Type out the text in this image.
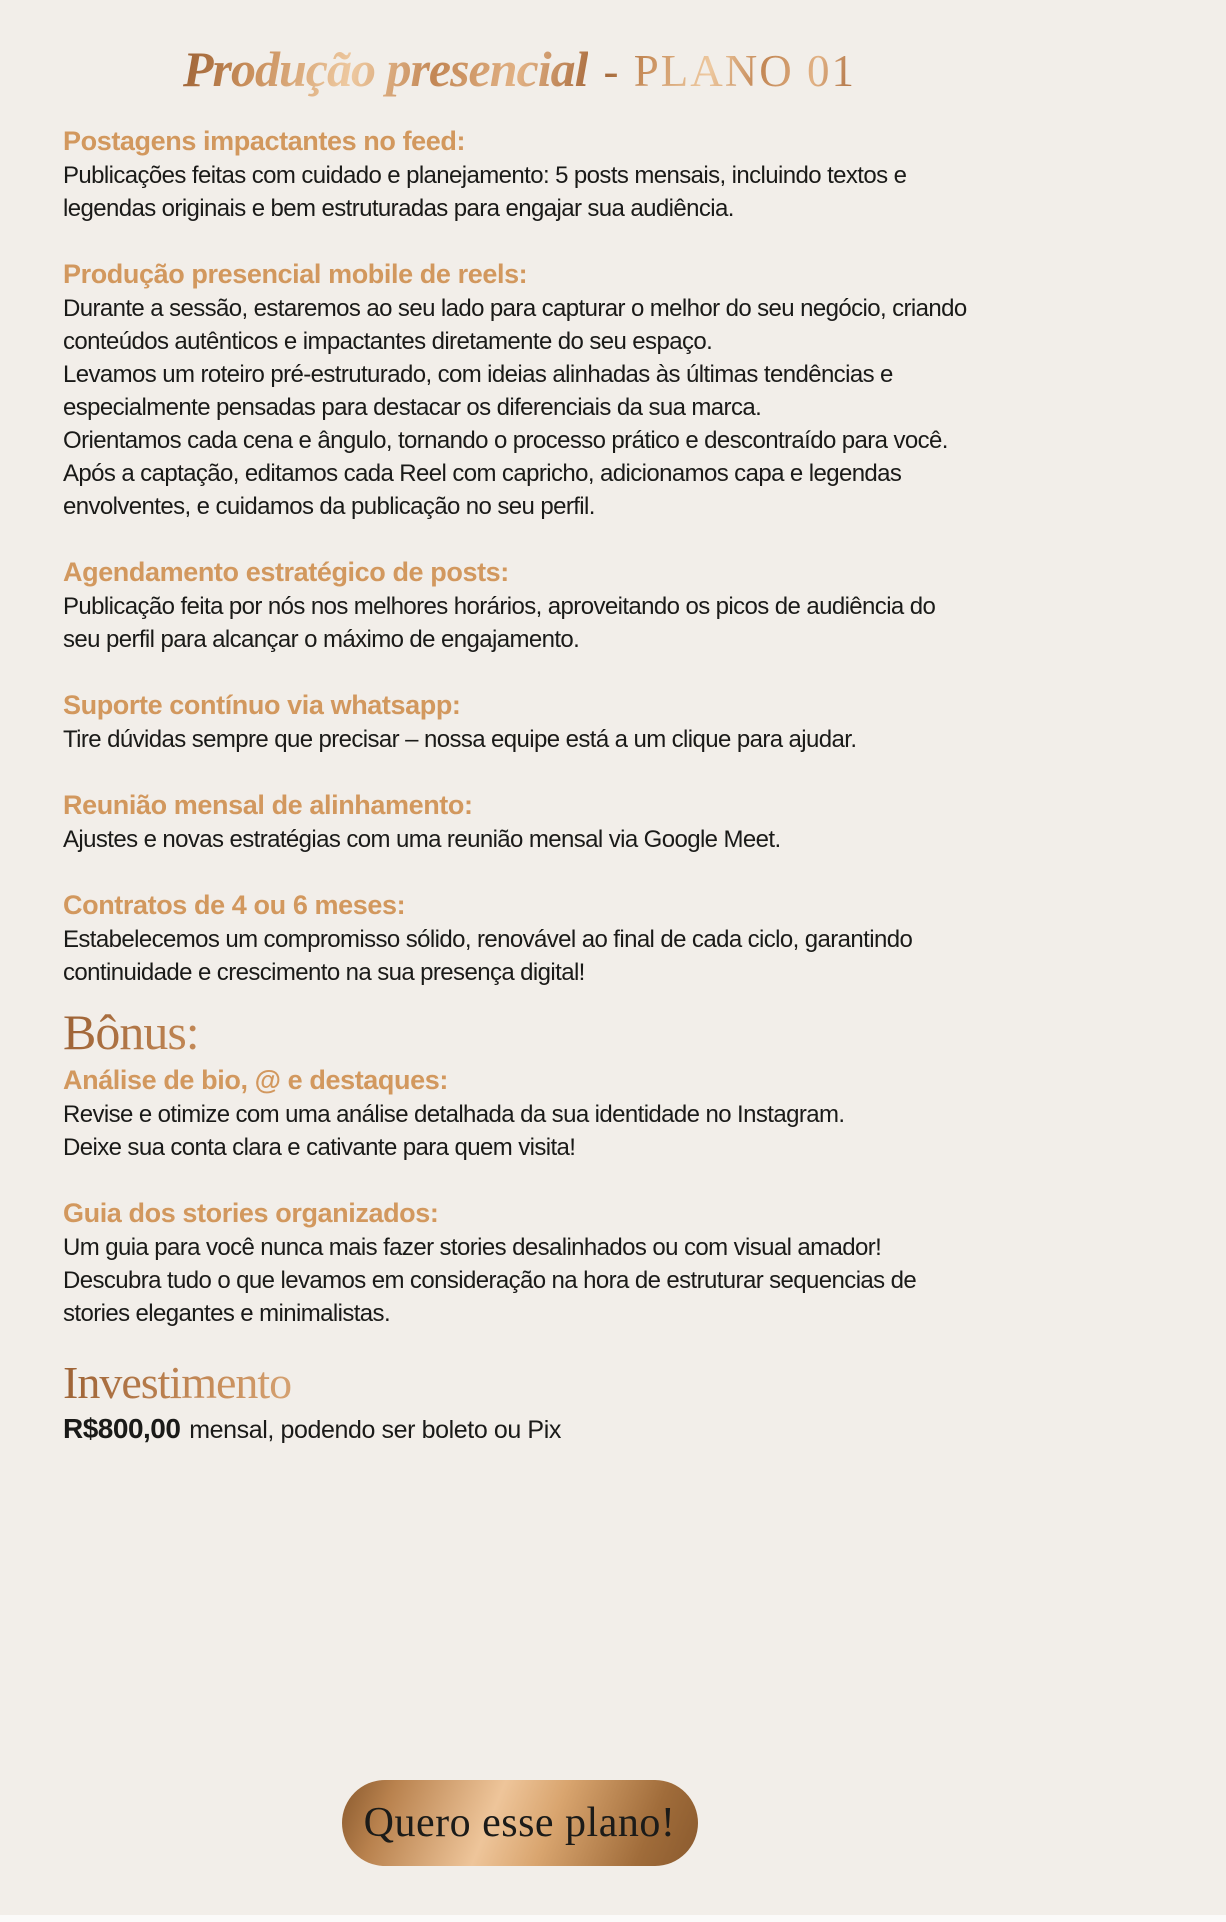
Produção presencial - PLANO 01
Postagens impactantes no feed:

Publicações feitas com cuidado e planejamento: 5 posts mensais, incluindo textos e legendas originais e bem estruturadas para engajar sua audiência.

Produção presencial mobile de reels:

Durante a sessão, estaremos ao seu lado para capturar o melhor do seu negócio, criando conteúdos autênticos e impactantes diretamente do seu espaço.

Levamos um roteiro pré-estruturado, com ideias alinhadas às últimas tendências e especialmente pensadas para destacar os diferenciais da sua marca.

Orientamos cada cena e ângulo, tornando o processo prático e descontraído para você.

Após a captação, editamos cada Reel com capricho, adicionamos capa e legendas envolventes, e cuidamos da publicação no seu perfil.

Agendamento estratégico de posts:

Publicação feita por nós nos melhores horários, aproveitando os picos de audiência do seu perfil para alcançar o máximo de engajamento.

Suporte contínuo via whatsapp:

Tire dúvidas sempre que precisar – nossa equipe está a um clique para ajudar.

Reunião mensal de alinhamento:

Ajustes e novas estratégias com uma reunião mensal via Google Meet.

Contratos de 4 ou 6 meses:

Estabelecemos um compromisso sólido, renovável ao final de cada ciclo, garantindo continuidade e crescimento na sua presença digital!

Bônus:
Análise de bio, @ e destaques:

Revise e otimize com uma análise detalhada da sua identidade no Instagram.

Deixe sua conta clara e cativante para quem visita!

Guia dos stories organizados:

Um guia para você nunca mais fazer stories desalinhados ou com visual amador!

Descubra tudo o que levamos em consideração na hora de estruturar sequencias de stories elegantes e minimalistas.

Investimento

R$800,00 mensal, podendo ser boleto ou Pix

Quero esse plano!
